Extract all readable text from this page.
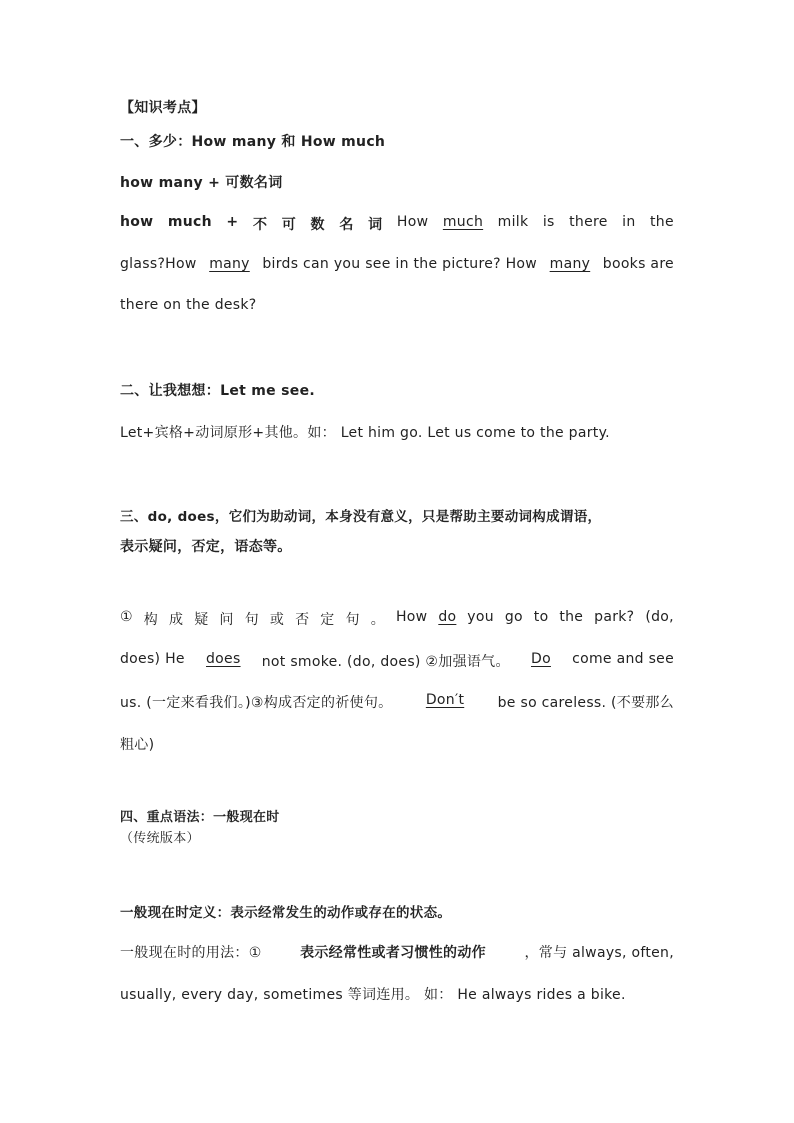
【知识考点】
一、多少：How many 和 How much
how many + 可数名词
how much + 不 可 数 名 词 How much milk is there in the
glass?How many birds can you see in the picture? How many books are
there on the desk?
二、让我想想：Let me see.
Let+宾格+动词原形+其他。如： Let him go. Let us come to the party.
三、do, does，它们为助动词，本身没有意义，只是帮助主要动词构成谓语，
表示疑问，否定，语态等。
① 构 成 疑 问 句 或 否 定 句 。 How do you go to the park? (do,
does) He does not smoke. (do, does) ②加强语气。 Do come and see
us. (一定来看我们。)③构成否定的祈使句。 Don′t be so careless. (不要那么
粗心)
四、重点语法：一般现在时
（传统版本）
一般现在时定义：表示经常发生的动作或存在的状态。
一般现在时的用法：①	表示经常性或者习惯性的动作	，常与 always, often,
usually, every day, sometimes 等词连用。 如： He always rides a bike.
